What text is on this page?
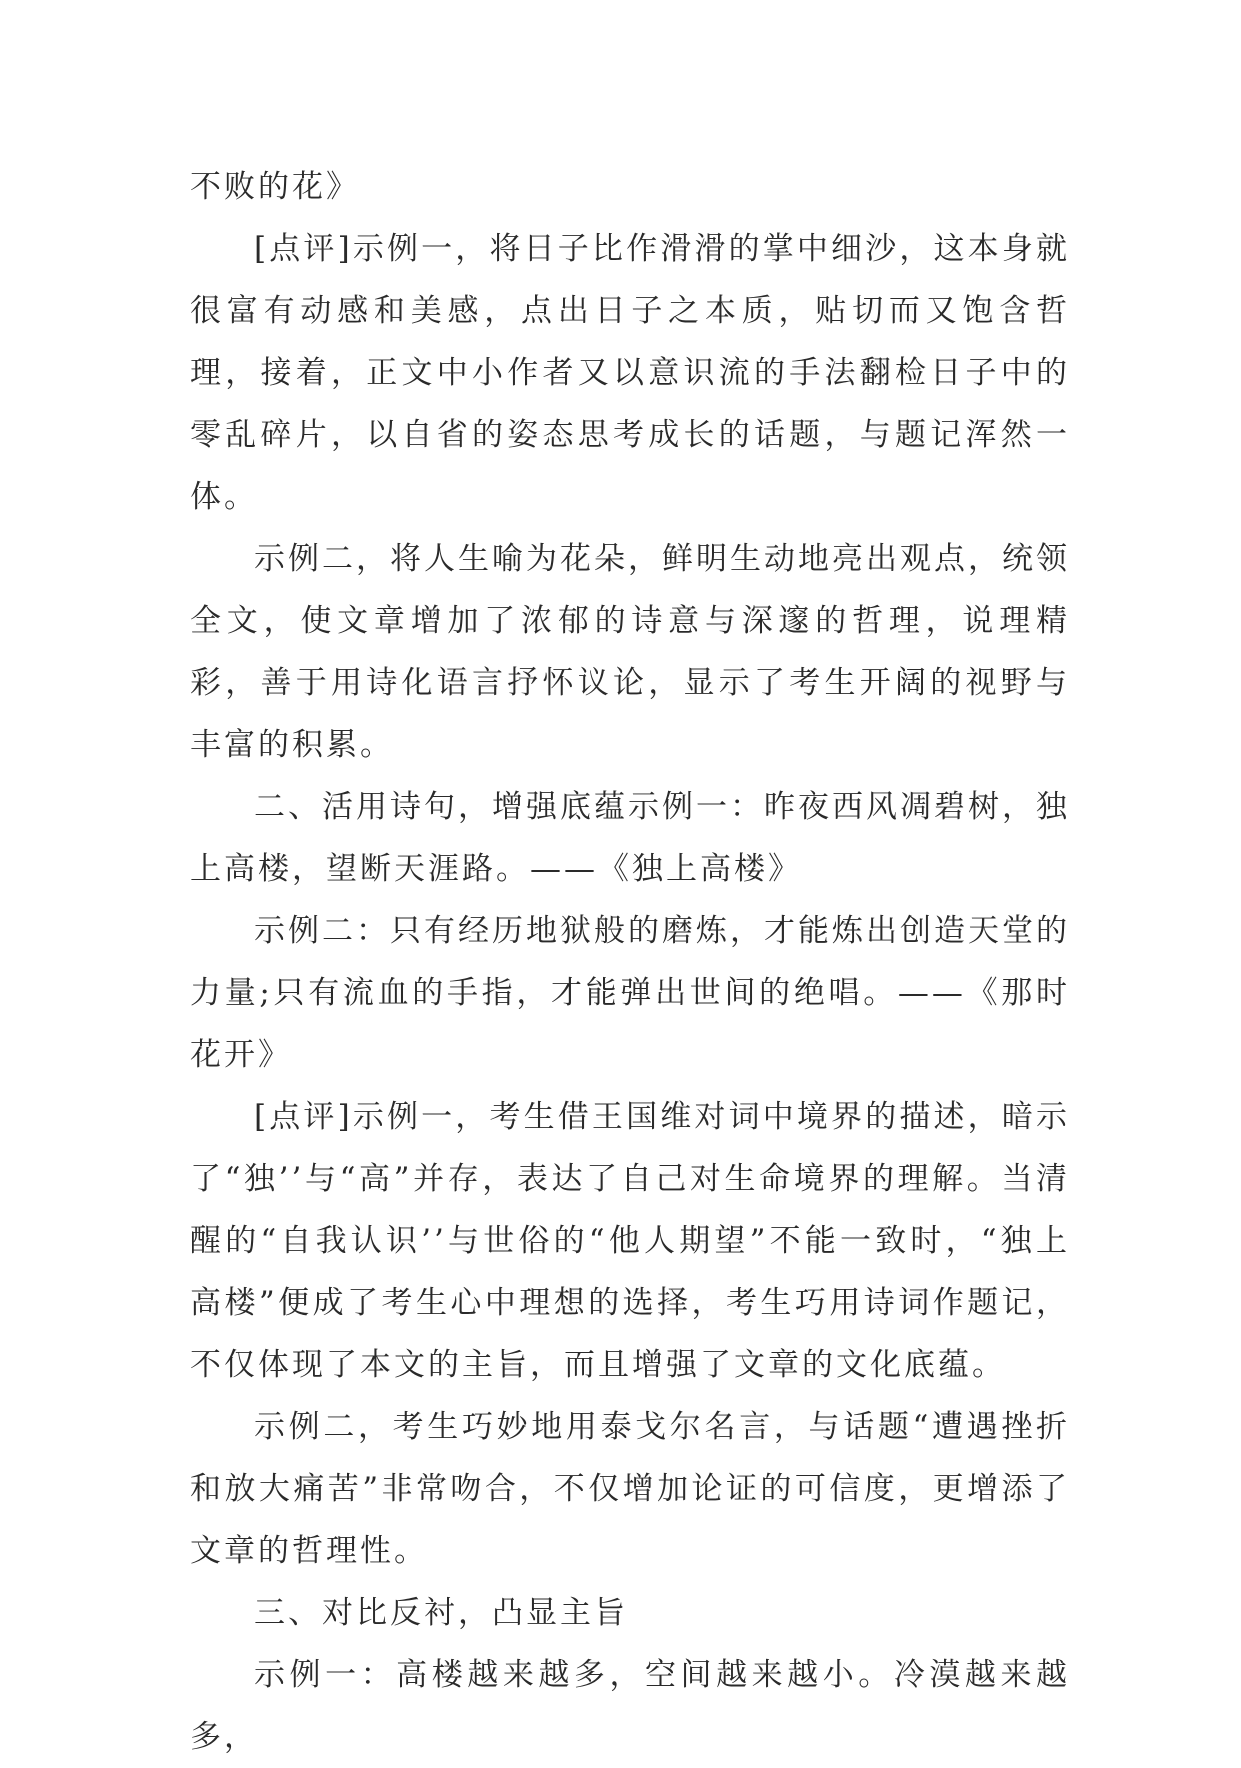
不败的花》

[点评]示例一，将日子比作滑滑的掌中细沙，这本身就很富有动感和美感，点出日子之本质，贴切而又饱含哲理，接着，正文中小作者又以意识流的手法翻检日子中的零乱碎片，以自省的姿态思考成长的话题，与题记浑然一体。

示例二，将人生喻为花朵，鲜明生动地亮出观点，统领全文，使文章增加了浓郁的诗意与深邃的哲理，说理精彩，善于用诗化语言抒怀议论，显示了考生开阔的视野与丰富的积累。

二、活用诗句，增强底蕴示例一：昨夜西风凋碧树，独上高楼，望断天涯路。——《独上高楼》

示例二：只有经历地狱般的磨炼，才能炼出创造天堂的力量;只有流血的手指，才能弹出世间的绝唱。——《那时花开》

[点评]示例一，考生借王国维对词中境界的描述，暗示了“独’’与“高”并存，表达了自己对生命境界的理解。当清醒的“自我认识’’与世俗的“他人期望”不能一致时，“独上高楼”便成了考生心中理想的选择，考生巧用诗词作题记，不仅体现了本文的主旨，而且增强了文章的文化底蕴。

示例二，考生巧妙地用泰戈尔名言，与话题“遭遇挫折和放大痛苦”非常吻合，不仅增加论证的可信度，更增添了文章的哲理性。

三、对比反衬，凸显主旨

示例一：高楼越来越多，空间越来越小。冷漠越来越多，
